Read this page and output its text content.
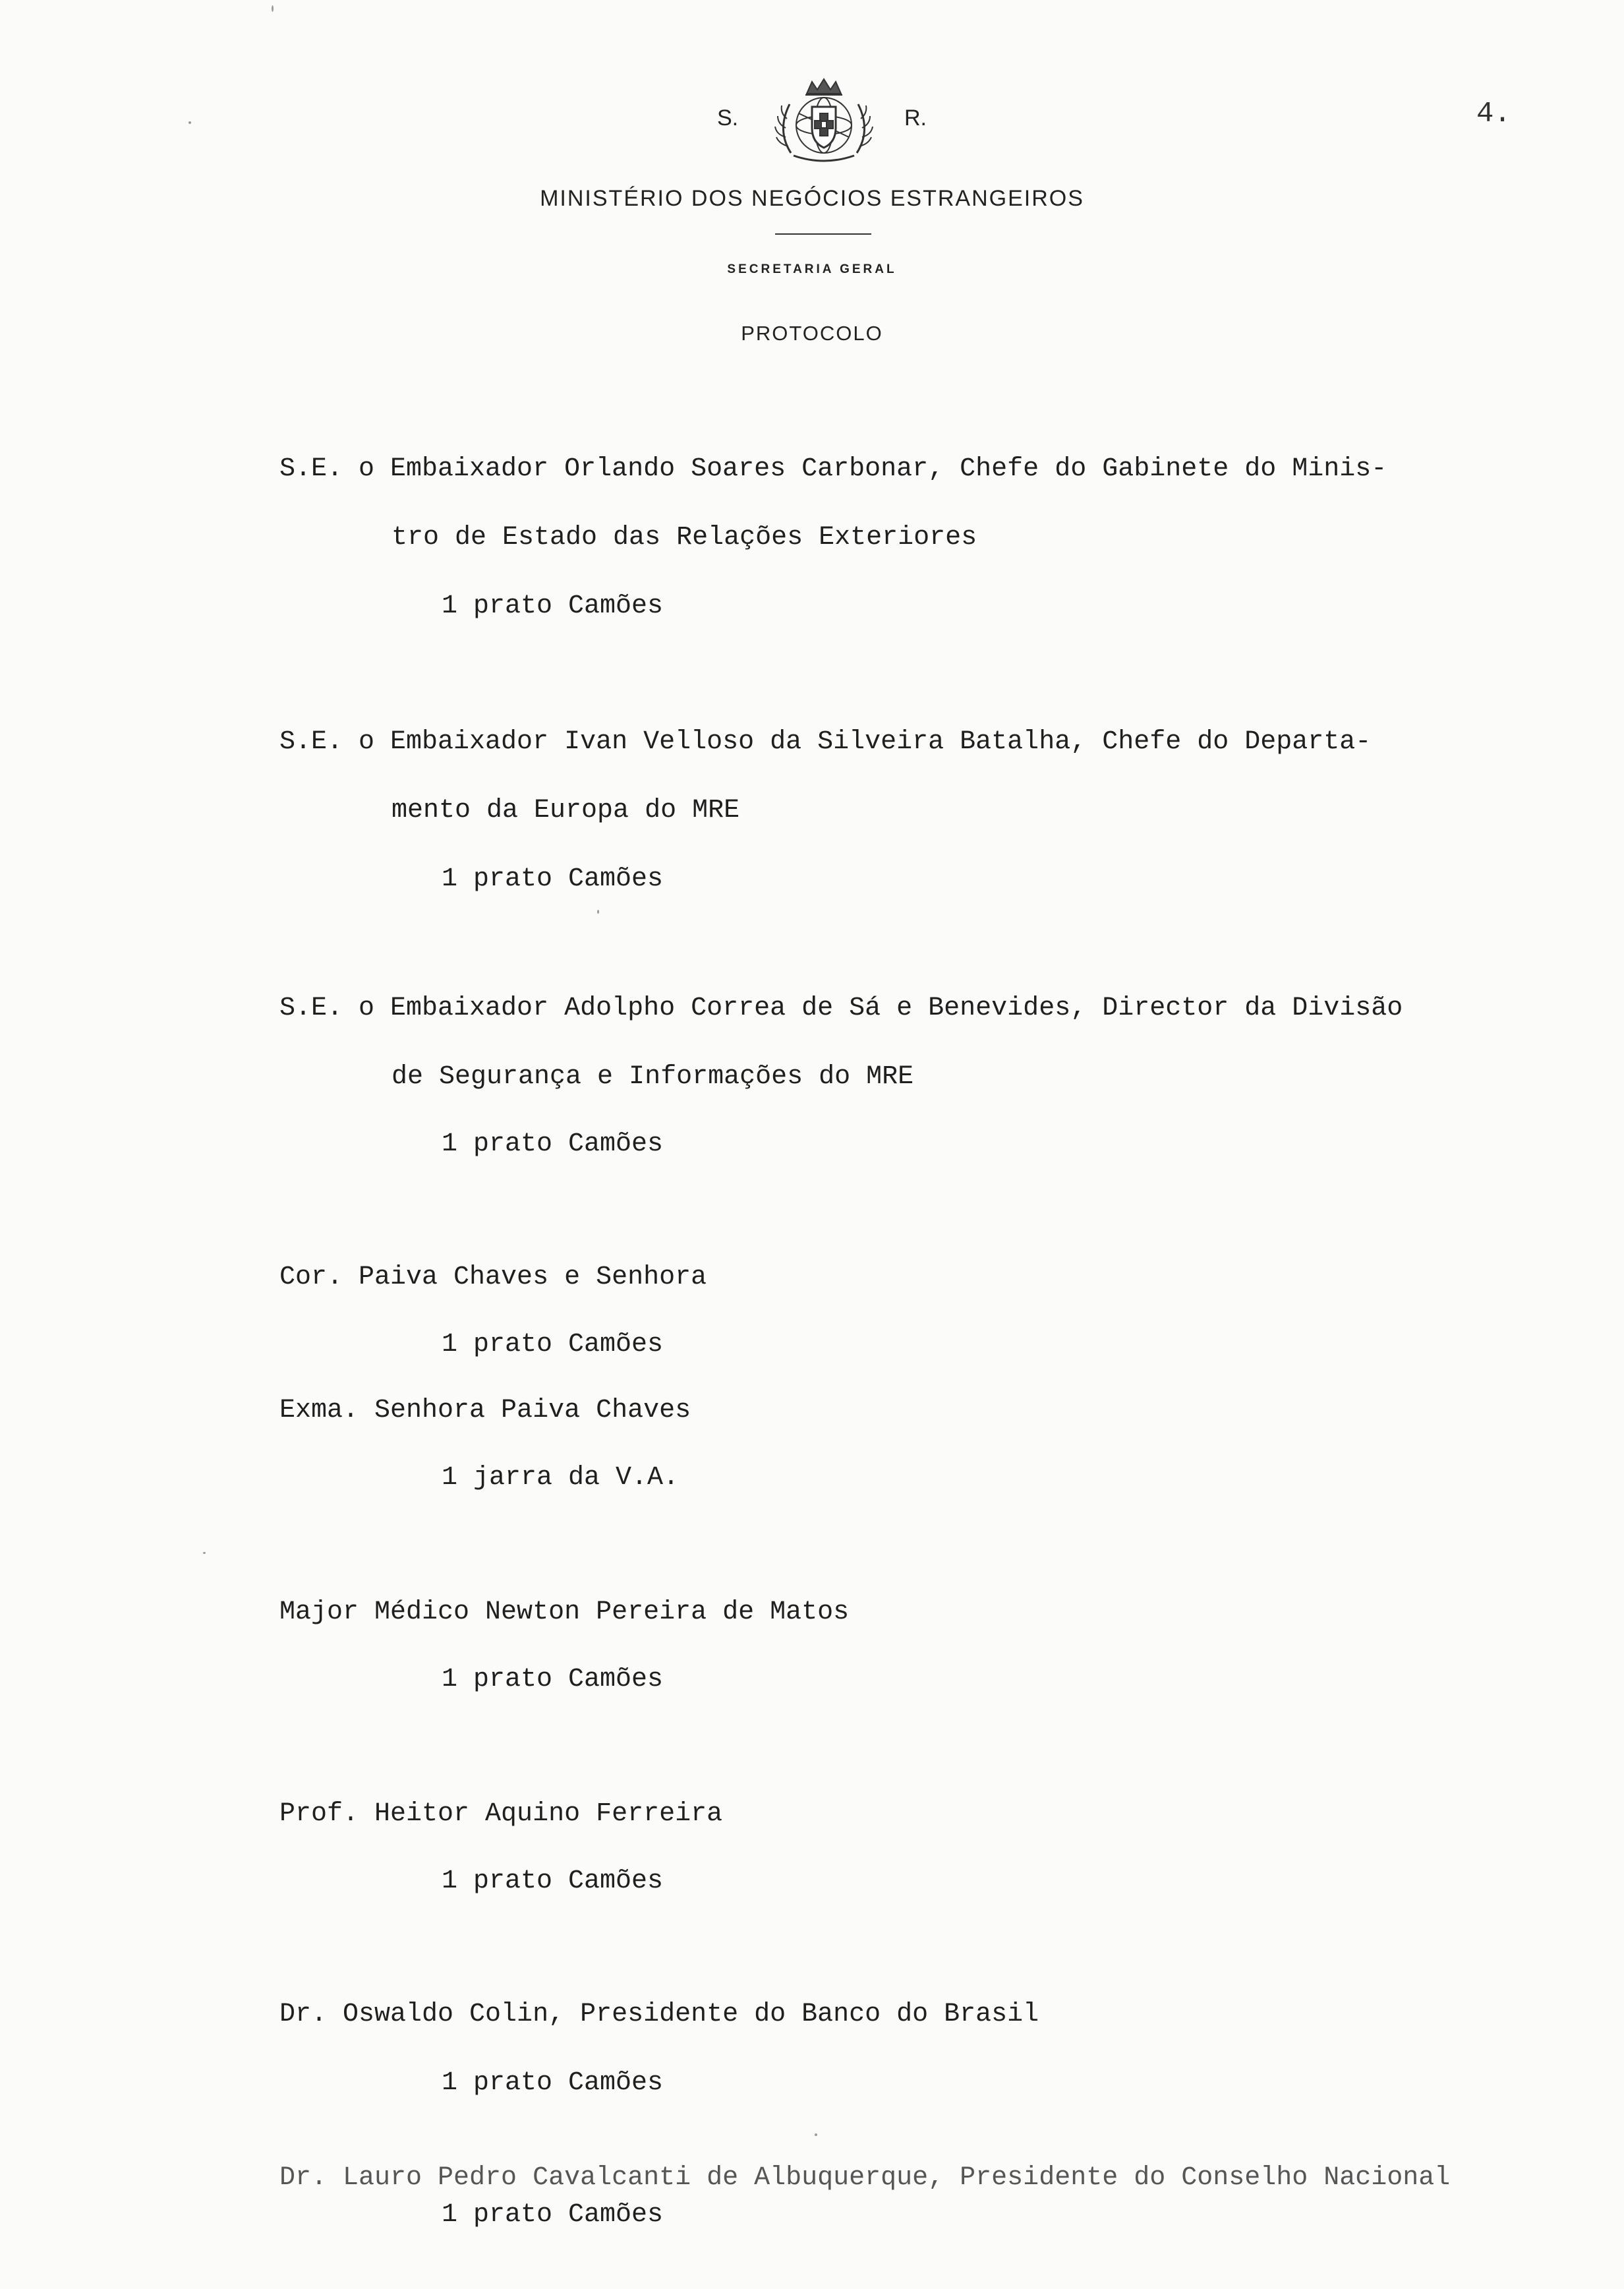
S.	R.	4.
MINISTÉRIO DOS NEGÓCIOS ESTRANGEIROS
SECRETARIA GERAL
PROTOCOLO
S.E. o Embaixador Orlando Soares Carbonar, Chefe do Gabinete do Minis-
tro de Estado das Relações Exteriores
1 prato Camões
S.E. o Embaixador Ivan Velloso da Silveira Batalha, Chefe do Departa-
mento da Europa do MRE
1 prato Camões
S.E. o Embaixador Adolpho Correa de Sá e Benevides, Director da Divisão
de Segurança e Informações do MRE
1 prato Camões
Cor. Paiva Chaves e Senhora
1 prato Camões
Exma. Senhora Paiva Chaves
1 jarra da V.A.
Major Médico Newton Pereira de Matos
1 prato Camões
Prof. Heitor Aquino Ferreira
1 prato Camões
Dr. Oswaldo Colin, Presidente do Banco do Brasil
1 prato Camões
Dr. Lauro Pedro Cavalcanti de Albuquerque, Presidente do Conselho Nacional
1 prato Camões
